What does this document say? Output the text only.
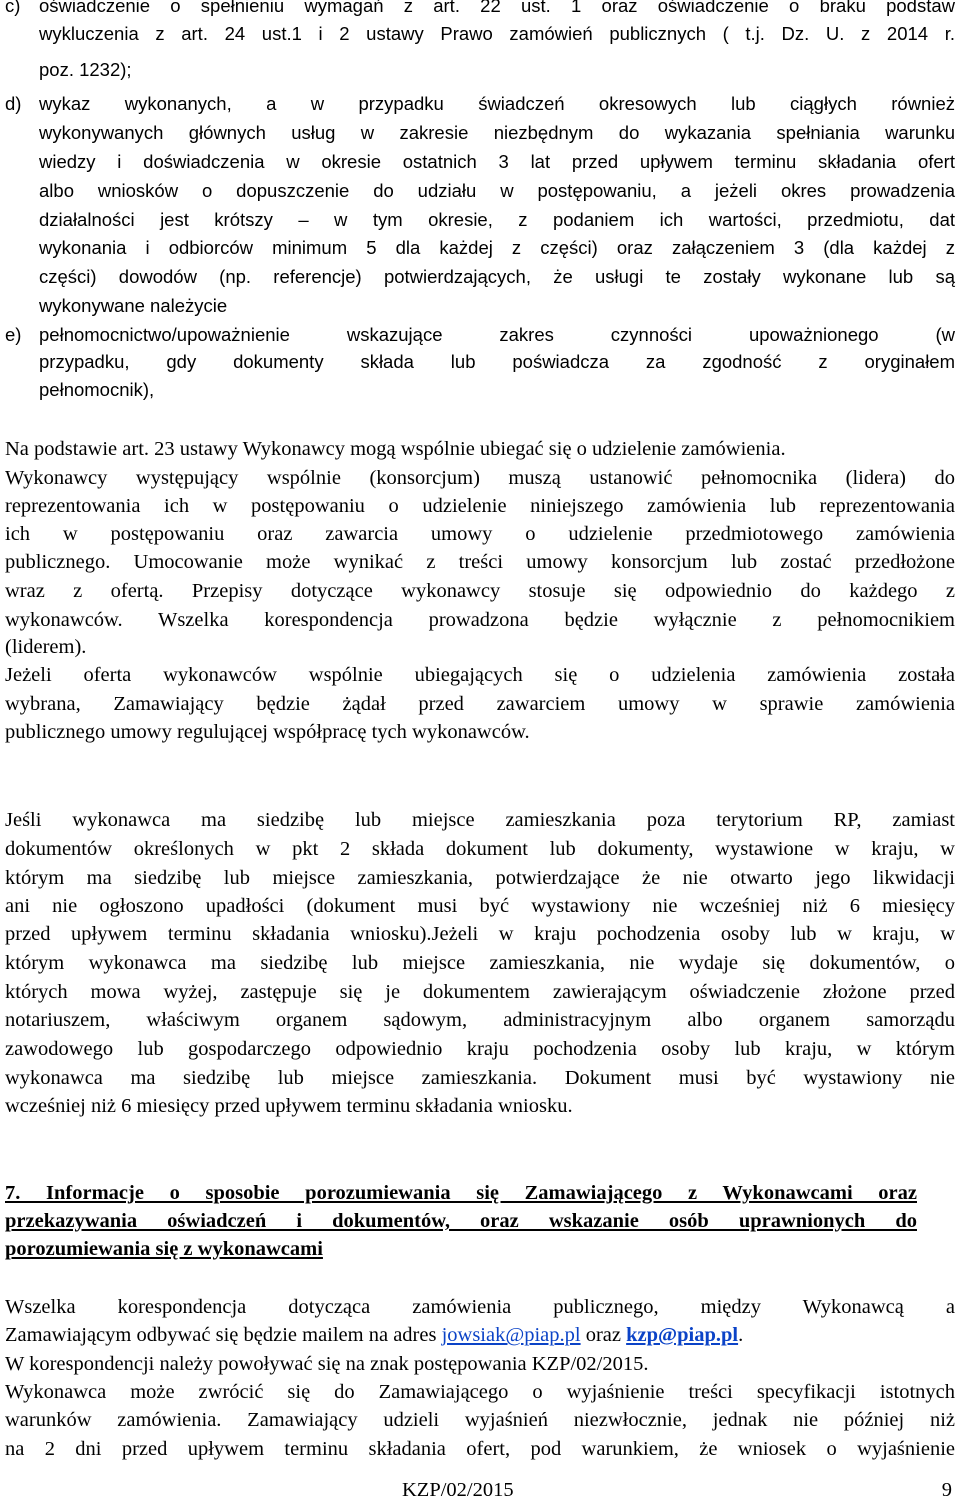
c) oświadczenie o spełnieniu wymagań z art. 22 ust. 1 oraz oświadczenie o braku podstaw
wykluczenia z art. 24 ust.1 i 2 ustawy Prawo zamówień publicznych ( t.j. Dz. U. z 2014 r.
poz. 1232);
d) wykaz wykonanych, a w przypadku świadczeń okresowych lub ciągłych również
wykonywanych głównych usług w zakresie niezbędnym do wykazania spełniania warunku
wiedzy i doświadczenia w okresie ostatnich 3 lat przed upływem terminu składania ofert
albo wniosków o dopuszczenie do udziału w postępowaniu, a jeżeli okres prowadzenia
działalności jest krótszy – w tym okresie, z podaniem ich wartości, przedmiotu, dat
wykonania i odbiorców minimum 5 dla każdej z części) oraz załączeniem 3 (dla każdej z
części) dowodów (np. referencje) potwierdzających, że usługi te zostały wykonane lub są
wykonywane należycie
e) pełnomocnictwo/upoważnienie wskazujące zakres czynności upoważnionego (w
przypadku, gdy dokumenty składa lub poświadcza za zgodność z oryginałem
pełnomocnik),
Na podstawie art. 23 ustawy Wykonawcy mogą wspólnie ubiegać się o udzielenie zamówienia.
Wykonawcy występujący wspólnie (konsorcjum) muszą ustanowić pełnomocnika (lidera) do
reprezentowania ich w postępowaniu o udzielenie niniejszego zamówienia lub reprezentowania
ich w postępowaniu oraz zawarcia umowy o udzielenie przedmiotowego zamówienia
publicznego. Umocowanie może wynikać z treści umowy konsorcjum lub zostać przedłożone
wraz z ofertą. Przepisy dotyczące wykonawcy stosuje się odpowiednio do każdego z
wykonawców. Wszelka korespondencja prowadzona będzie wyłącznie z pełnomocnikiem
(liderem).
Jeżeli oferta wykonawców wspólnie ubiegających się o udzielenia zamówienia została
wybrana, Zamawiający będzie żądał przed zawarciem umowy w sprawie zamówienia
publicznego umowy regulującej współpracę tych wykonawców.
Jeśli wykonawca ma siedzibę lub miejsce zamieszkania poza terytorium RP, zamiast
dokumentów określonych w pkt 2 składa dokument lub dokumenty, wystawione w kraju, w
którym ma siedzibę lub miejsce zamieszkania, potwierdzające że nie otwarto jego likwidacji
ani nie ogłoszono upadłości (dokument musi być wystawiony nie wcześniej niż 6 miesięcy
przed upływem terminu składania wniosku).Jeżeli w kraju pochodzenia osoby lub w kraju, w
którym wykonawca ma siedzibę lub miejsce zamieszkania, nie wydaje się dokumentów, o
których mowa wyżej, zastępuje się je dokumentem zawierającym oświadczenie złożone przed
notariuszem, właściwym organem sądowym, administracyjnym albo organem samorządu
zawodowego lub gospodarczego odpowiednio kraju pochodzenia osoby lub kraju, w którym
wykonawca ma siedzibę lub miejsce zamieszkania. Dokument musi być wystawiony nie
wcześniej niż 6 miesięcy przed upływem terminu składania wniosku.
7. Informacje o sposobie porozumiewania się Zamawiającego z Wykonawcami oraz
przekazywania oświadczeń i dokumentów, oraz wskazanie osób uprawnionych do
porozumiewania się z wykonawcami
Wszelka korespondencja dotycząca zamówienia publicznego, między Wykonawcą a
Zamawiającym odbywać się będzie mailem na adres jowsiak@piap.pl oraz kzp@piap.pl.
W korespondencji należy powoływać się na znak postępowania KZP/02/2015.
Wykonawca może zwrócić się do Zamawiającego o wyjaśnienie treści specyfikacji istotnych
warunków zamówienia. Zamawiający udzieli wyjaśnień niezwłocznie, jednak nie później niż
na 2 dni przed upływem terminu składania ofert, pod warunkiem, że wniosek o wyjaśnienie
KZP/02/2015	9
